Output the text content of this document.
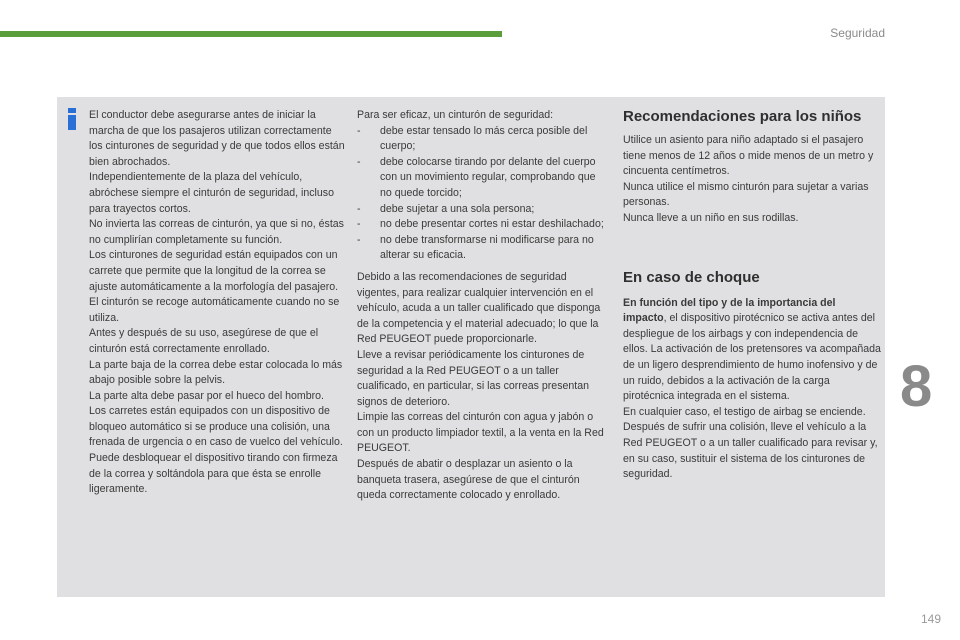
Seguridad

El conductor debe asegurarse antes de iniciar la marcha de que los pasajeros utilizan correctamente los cinturones de seguridad y de que todos ellos están bien abrochados.

Independientemente de la plaza del vehículo, abróchese siempre el cinturón de seguridad, incluso para trayectos cortos.

No invierta las correas de cinturón, ya que si no, éstas no cumplirían completamente su función.

Los cinturones de seguridad están equipados con un carrete que permite que la longitud de la correa se ajuste automáticamente a la morfología del pasajero. El cinturón se recoge automáticamente cuando no se utiliza.

Antes y después de su uso, asegúrese de que el cinturón está correctamente enrollado.

La parte baja de la correa debe estar colocada lo más abajo posible sobre la pelvis.

La parte alta debe pasar por el hueco del hombro.

Los carretes están equipados con un dispositivo de bloqueo automático si se produce una colisión, una frenada de urgencia o en caso de vuelco del vehículo. Puede desbloquear el dispositivo tirando con firmeza de la correa y soltándola para que ésta se enrolle ligeramente.

Para ser eficaz, un cinturón de seguridad:

- debe estar tensado lo más cerca posible del cuerpo;
- debe colocarse tirando por delante del cuerpo con un movimiento regular, comprobando que no quede torcido;
- debe sujetar a una sola persona;
- no debe presentar cortes ni estar deshilachado;
- no debe transformarse ni modificarse para no alterar su eficacia.

Debido a las recomendaciones de seguridad vigentes, para realizar cualquier intervención en el vehículo, acuda a un taller cualificado que disponga de la competencia y el material adecuado; lo que la Red PEUGEOT puede proporcionarle.

Lleve a revisar periódicamente los cinturones de seguridad a la Red PEUGEOT o a un taller cualificado, en particular, si las correas presentan signos de deterioro.

Limpie las correas del cinturón con agua y jabón o con un producto limpiador textil, a la venta en la Red PEUGEOT.

Después de abatir o desplazar un asiento o la banqueta trasera, asegúrese de que el cinturón queda correctamente colocado y enrollado.

Recomendaciones para los niños

Utilice un asiento para niño adaptado si el pasajero tiene menos de 12 años o mide menos de un metro y cincuenta centímetros.

Nunca utilice el mismo cinturón para sujetar a varias personas.

Nunca lleve a un niño en sus rodillas.

En caso de choque

En función del tipo y de la importancia del impacto, el dispositivo pirotécnico se activa antes del despliegue de los airbags y con independencia de ellos. La activación de los pretensores va acompañada de un ligero desprendimiento de humo inofensivo y de un ruido, debidos a la activación de la carga pirotécnica integrada en el sistema.

En cualquier caso, el testigo de airbag se enciende.

Después de sufrir una colisión, lleve el vehículo a la Red PEUGEOT o a un taller cualificado para revisar y, en su caso, sustituir el sistema de los cinturones de seguridad.

8
149
